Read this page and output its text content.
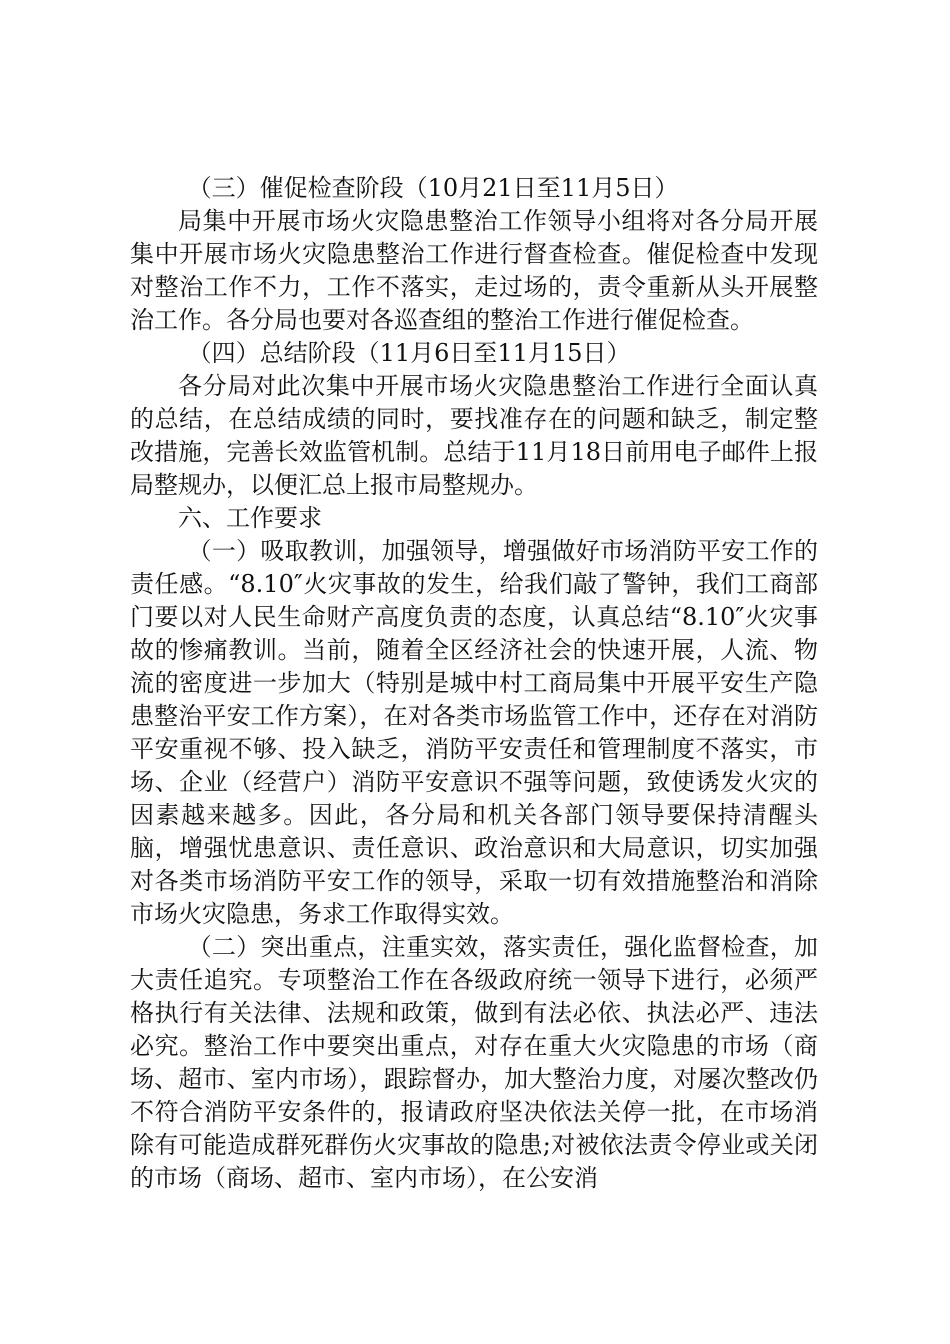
（三）催促检查阶段（10月21日至11月5日）

局集中开展市场火灾隐患整治工作领导小组将对各分局开展集中开展市场火灾隐患整治工作进行督查检查。催促检查中发现对整治工作不力，工作不落实，走过场的，责令重新从头开展整治工作。各分局也要对各巡查组的整治工作进行催促检查。

（四）总结阶段（11月6日至11月15日）

各分局对此次集中开展市场火灾隐患整治工作进行全面认真的总结，在总结成绩的同时，要找准存在的问题和缺乏，制定整改措施，完善长效监管机制。总结于11月18日前用电子邮件上报局整规办，以便汇总上报市局整规办。

六、工作要求

（一）吸取教训，加强领导，增强做好市场消防平安工作的责任感。“8.10″火灾事故的发生，给我们敲了警钟，我们工商部门要以对人民生命财产高度负责的态度，认真总结“8.10″火灾事故的惨痛教训。当前，随着全区经济社会的快速开展，人流、物流的密度进一步加大（特别是城中村工商局集中开展平安生产隐患整治平安工作方案），在对各类市场监管工作中，还存在对消防平安重视不够、投入缺乏，消防平安责任和管理制度不落实，市场、企业（经营户）消防平安意识不强等问题，致使诱发火灾的因素越来越多。因此，各分局和机关各部门领导要保持清醒头脑，增强忧患意识、责任意识、政治意识和大局意识，切实加强对各类市场消防平安工作的领导，采取一切有效措施整治和消除市场火灾隐患，务求工作取得实效。

（二）突出重点，注重实效，落实责任，强化监督检查，加大责任追究。专项整治工作在各级政府统一领导下进行，必须严格执行有关法律、法规和政策，做到有法必依、执法必严、违法必究。整治工作中要突出重点，对存在重大火灾隐患的市场（商场、超市、室内市场），跟踪督办，加大整治力度，对屡次整改仍不符合消防平安条件的，报请政府坚决依法关停一批，在市场消除有可能造成群死群伤火灾事故的隐患;对被依法责令停业或关闭的市场（商场、超市、室内市场），在公安消
